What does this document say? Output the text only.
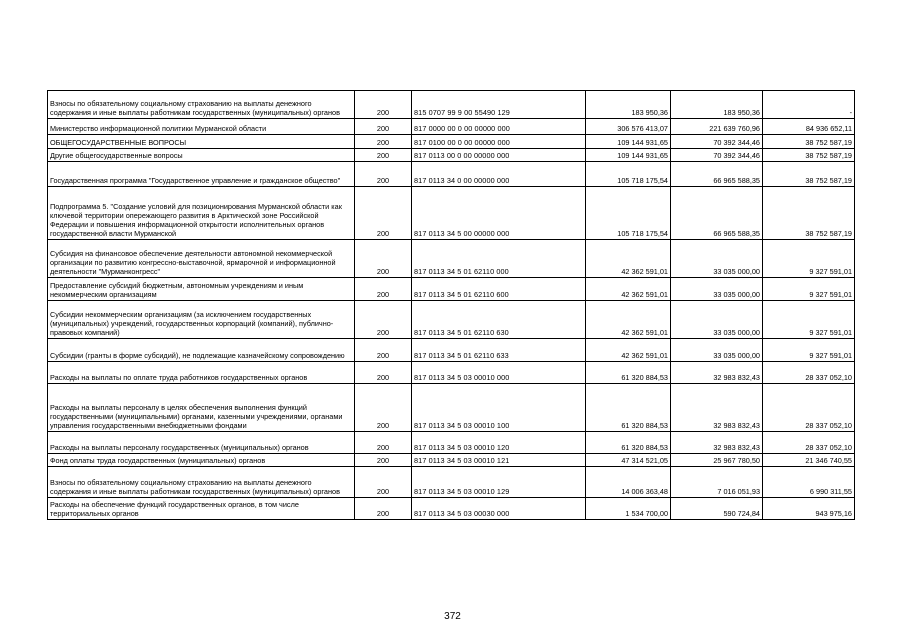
Взносы по обязательному социальному страхованию на выплаты денежного содержания и иные выплаты работникам государственных (муниципальных) органов	200	815 0707 99 9 00 55490 129	183 950,36	183 950,36	-
Министерство информационной политики Мурманской области	200	817 0000 00 0 00 00000 000	306 576 413,07	221 639 760,96	84 936 652,11
ОБЩЕГОСУДАРСТВЕННЫЕ ВОПРОСЫ	200	817 0100 00 0 00 00000 000	109 144 931,65	70 392 344,46	38 752 587,19
Другие общегосударственные вопросы	200	817 0113 00 0 00 00000 000	109 144 931,65	70 392 344,46	38 752 587,19
Государственная программа "Государственное управление и гражданское общество"	200	817 0113 34 0 00 00000 000	105 718 175,54	66 965 588,35	38 752 587,19
Подпрограмма 5. "Создание условий для позиционирования Мурманской области как ключевой территории опережающего развития в Арктической зоне Российской Федерации и повышения информационной открытости исполнительных органов государственной власти Мурманской	200	817 0113 34 5 00 00000 000	105 718 175,54	66 965 588,35	38 752 587,19
Субсидия на финансовое обеспечение деятельности автономной некоммерческой организации по развитию конгрессно-выставочной, ярмарочной и информационной деятельности "Мурманконгресс"	200	817 0113 34 5 01 62110 000	42 362 591,01	33 035 000,00	9 327 591,01
Предоставление субсидий бюджетным, автономным учреждениям и иным некоммерческим организациям	200	817 0113 34 5 01 62110 600	42 362 591,01	33 035 000,00	9 327 591,01
Субсидии некоммерческим организациям (за исключением государственных (муниципальных) учреждений, государственных корпораций (компаний), публично-правовых компаний)	200	817 0113 34 5 01 62110 630	42 362 591,01	33 035 000,00	9 327 591,01
Субсидии (гранты в форме субсидий), не подлежащие казначейскому сопровождению	200	817 0113 34 5 01 62110 633	42 362 591,01	33 035 000,00	9 327 591,01
Расходы на выплаты по оплате труда работников государственных органов	200	817 0113 34 5 03 00010 000	61 320 884,53	32 983 832,43	28 337 052,10
Расходы на выплаты персоналу в целях обеспечения выполнения функций государственными (муниципальными) органами, казенными учреждениями, органами управления государственными внебюджетными фондами	200	817 0113 34 5 03 00010 100	61 320 884,53	32 983 832,43	28 337 052,10
Расходы на выплаты персоналу государственных (муниципальных) органов	200	817 0113 34 5 03 00010 120	61 320 884,53	32 983 832,43	28 337 052,10
Фонд оплаты труда государственных (муниципальных) органов	200	817 0113 34 5 03 00010 121	47 314 521,05	25 967 780,50	21 346 740,55
Взносы по обязательному социальному страхованию на выплаты денежного содержания и иные выплаты работникам государственных (муниципальных) органов	200	817 0113 34 5 03 00010 129	14 006 363,48	7 016 051,93	6 990 311,55
Расходы на обеспечение функций государственных органов, в том числе территориальных органов	200	817 0113 34 5 03 00030 000	1 534 700,00	590 724,84	943 975,16
372
